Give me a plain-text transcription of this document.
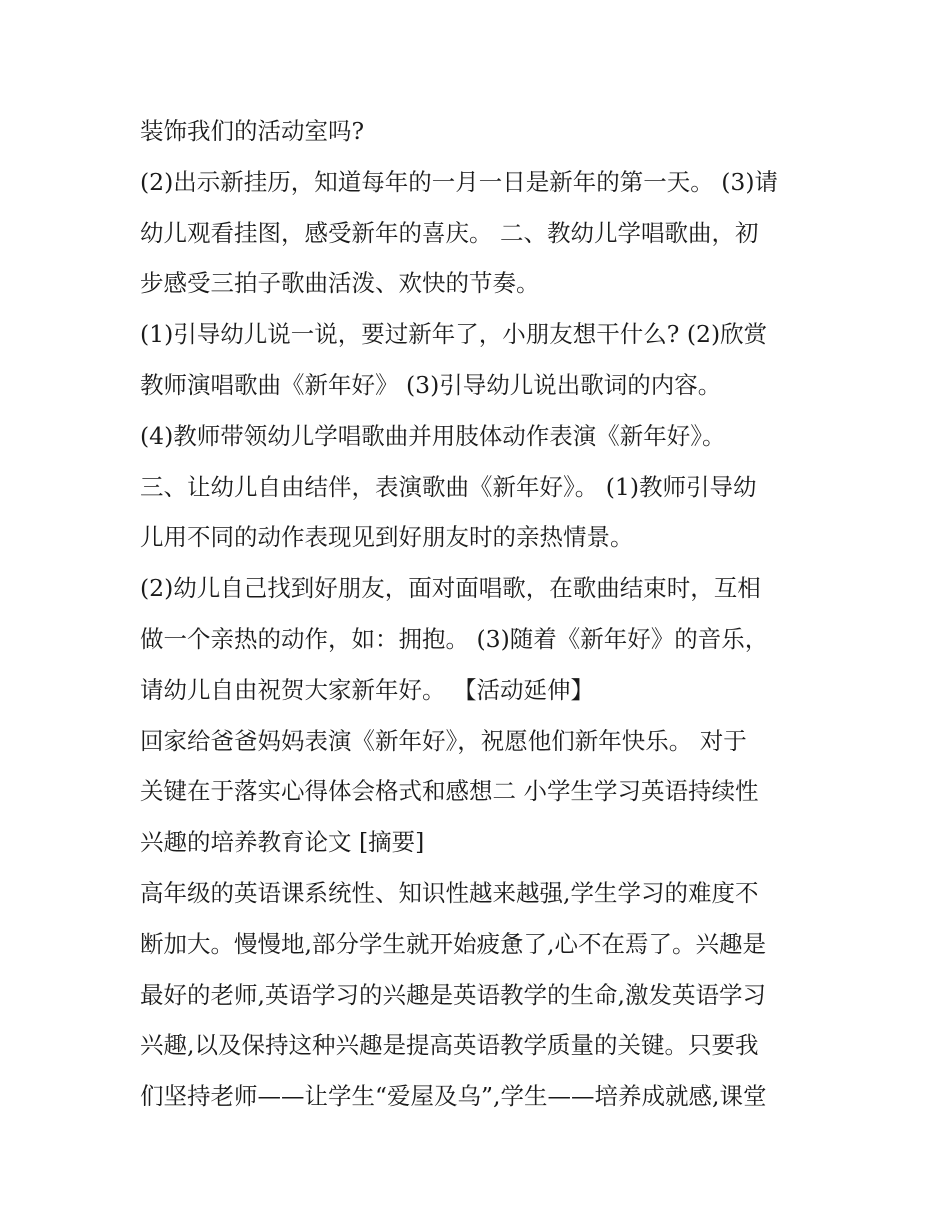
装饰我们的活动室吗?
(2)出示新挂历，知道每年的一月一日是新年的第一天。 (3)请
幼儿观看挂图，感受新年的喜庆。 二、教幼儿学唱歌曲，初
步感受三拍子歌曲活泼、欢快的节奏。
(1)引导幼儿说一说，要过新年了，小朋友想干什么? (2)欣赏
教师演唱歌曲《新年好》 (3)引导幼儿说出歌词的内容。
(4)教师带领幼儿学唱歌曲并用肢体动作表演《新年好》。
三、让幼儿自由结伴，表演歌曲《新年好》。 (1)教师引导幼
儿用不同的动作表现见到好朋友时的亲热情景。
(2)幼儿自己找到好朋友，面对面唱歌，在歌曲结束时，互相
做一个亲热的动作，如：拥抱。 (3)随着《新年好》的音乐，
请幼儿自由祝贺大家新年好。 【活动延伸】
回家给爸爸妈妈表演《新年好》，祝愿他们新年快乐。 对于
关键在于落实心得体会格式和感想二 小学生学习英语持续性
兴趣的培养教育论文 [摘要]
高年级的英语课系统性、知识性越来越强,学生学习的难度不
断加大。慢慢地,部分学生就开始疲惫了,心不在焉了。兴趣是
最好的老师,英语学习的兴趣是英语教学的生命,激发英语学习
兴趣,以及保持这种兴趣是提高英语教学质量的关键。只要我
们坚持老师——让学生“爱屋及乌”,学生——培养成就感,课堂
